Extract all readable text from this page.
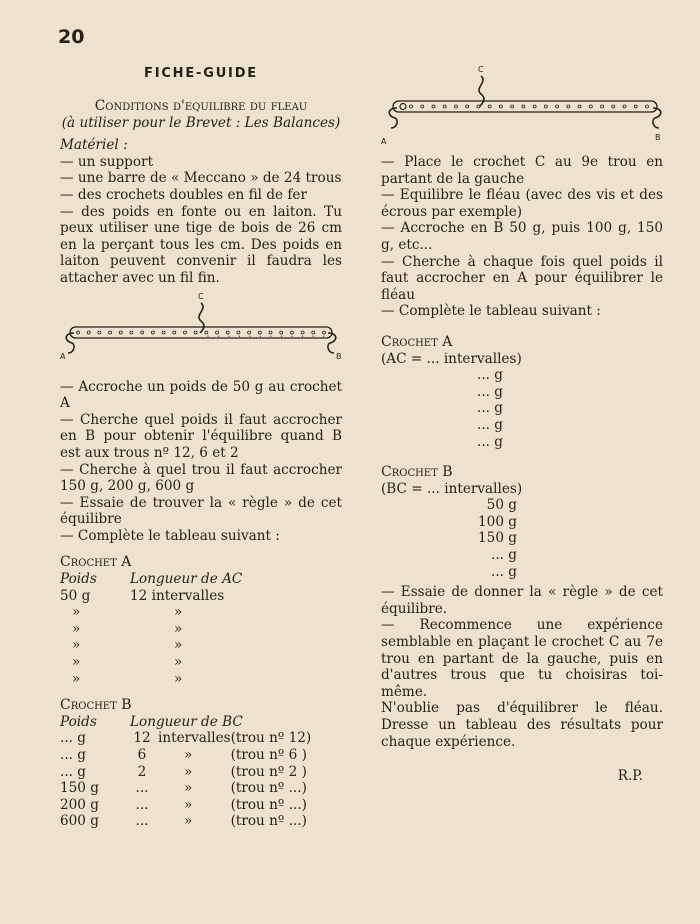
20
FICHE-GUIDE
Conditions d'equilibre du fleau
(à utiliser pour le Brevet : Les Balances)
Matériel :
— un support
— une barre de « Meccano » de 24 trous
— des crochets doubles en fil de fer
— des poids en fonte ou en laiton. Tu peux utiliser une tige de bois de 26 cm en la perçant tous les cm. Des poids en laiton peuvent convenir il faudra les attacher avec un fil fin.
C
A	B
— Accroche un poids de 50 g au crochet A
— Cherche quel poids il faut accrocher en B pour obtenir l'équilibre quand B est aux trous nº 12, 6 et 2
— Cherche à quel trou il faut accrocher 150 g, 200 g, 600 g
— Essaie de trouver la « règle » de cet équilibre
— Complète le tableau suivant :
Crochet A
Poids	Longueur de AC
50 g	12 intervalles
»	»
»	»
»	»
»	»
»	»
Crochet B
Poids	Longueur de BC		
... g	12	intervalles	(trou nº 12)
... g	6	»	(trou nº 6 )
... g	2	»	(trou nº 2 )
150 g	...	»	(trou nº ...)
200 g	...	»	(trou nº ...)
600 g	...	»	(trou nº ...)
C
A	B
— Place le crochet C au 9e trou en partant de la gauche
— Equilibre le fléau (avec des vis et des écrous par exemple)
— Accroche en B 50 g, puis 100 g, 150 g, etc...
— Cherche à chaque fois quel poids il faut accrocher en A pour équilibrer le fléau
— Complète le tableau suivant :
Crochet A
(AC = ... intervalles)
... g
... g
... g
... g
... g
Crochet B
(BC = ... intervalles)
50 g
100 g
150 g
... g
... g
— Essaie de donner la « règle » de cet équilibre.
— Recommence une expérience semblable en plaçant le crochet C au 7e trou en partant de la gauche, puis en d'autres trous que tu choisiras toi-même.
N'oublie pas d'équilibrer le fléau. Dresse un tableau des résultats pour chaque expérience.
R.P.
